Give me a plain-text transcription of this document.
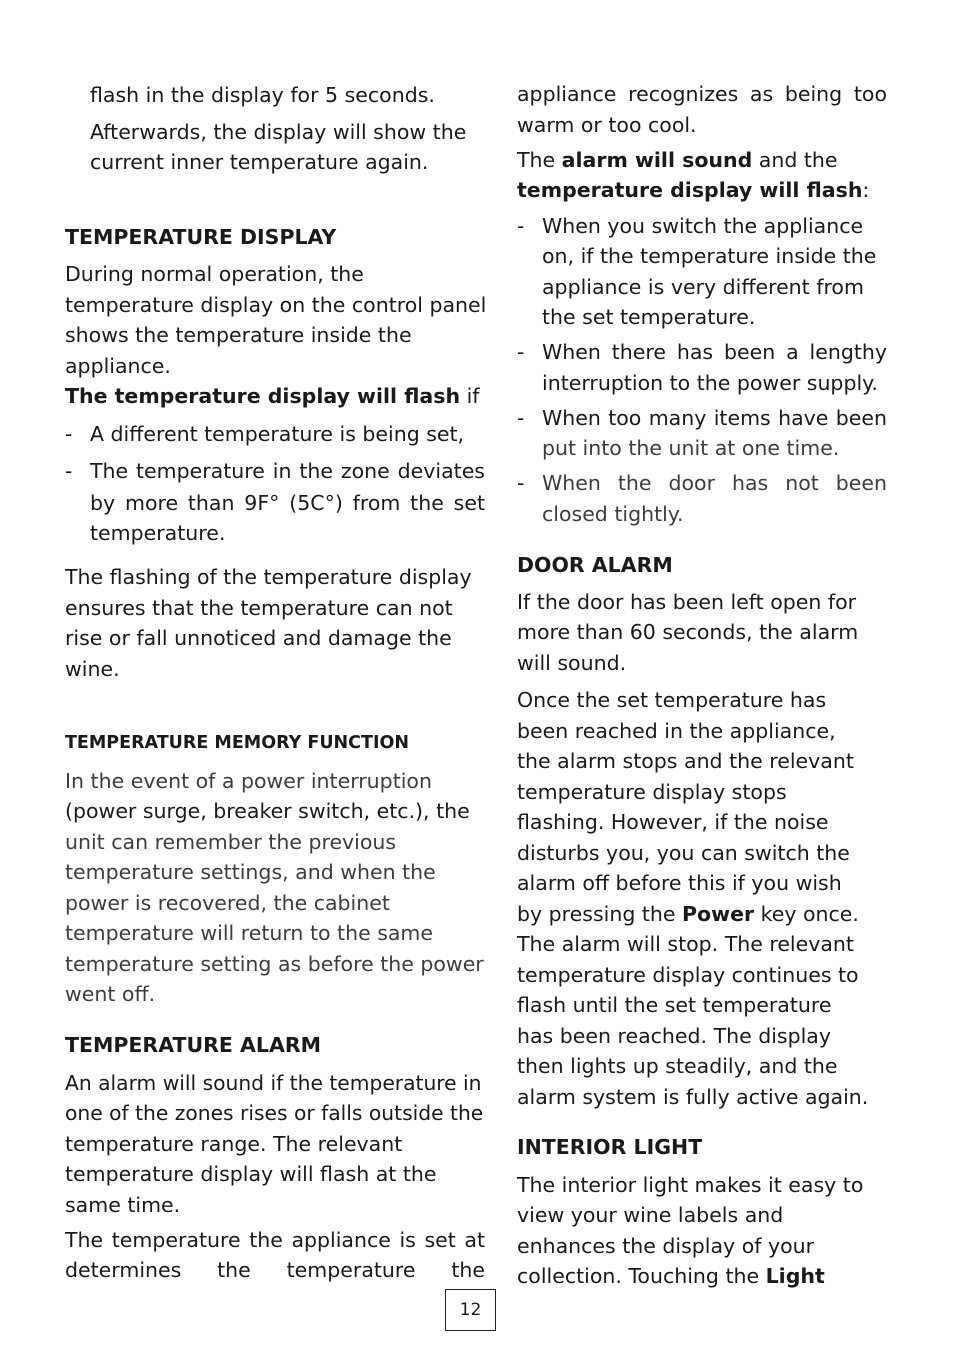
flash in the display for 5 seconds.
Afterwards, the display will show the
current inner temperature again.
TEMPERATURE DISPLAY
During normal operation, the
temperature display on the control panel
shows the temperature inside the
appliance.
The temperature display will flash if
- A different temperature is being set,
- The temperature in the zone deviates
by more than 9F° (5C°) from the set
temperature.
The flashing of the temperature display
ensures that the temperature can not
rise or fall unnoticed and damage the
wine.
TEMPERATURE MEMORY FUNCTION
In the event of a power interruption
(power surge, breaker switch, etc.), the
unit can remember the previous
temperature settings, and when the
power is recovered, the cabinet
temperature will return to the same
temperature setting as before the power
went off.
TEMPERATURE ALARM
An alarm will sound if the temperature in
one of the zones rises or falls outside the
temperature range. The relevant
temperature display will flash at the
same time.
The temperature the appliance is set at
determines the temperature the
appliance recognizes as being too
warm or too cool.
The alarm will sound and the
temperature display will flash:
- When you switch the appliance
on, if the temperature inside the
appliance is very different from
the set temperature.
- When there has been a lengthy
interruption to the power supply.
- When too many items have been
put into the unit at one time.
- When the door has not been
closed tightly.
DOOR ALARM
If the door has been left open for
more than 60 seconds, the alarm
will sound.
Once the set temperature has
been reached in the appliance,
the alarm stops and the relevant
temperature display stops
flashing. However, if the noise
disturbs you, you can switch the
alarm off before this if you wish
by pressing the Power key once.
The alarm will stop. The relevant
temperature display continues to
flash until the set temperature
has been reached. The display
then lights up steadily, and the
alarm system is fully active again.
INTERIOR LIGHT
The interior light makes it easy to
view your wine labels and
enhances the display of your
collection. Touching the Light
12
